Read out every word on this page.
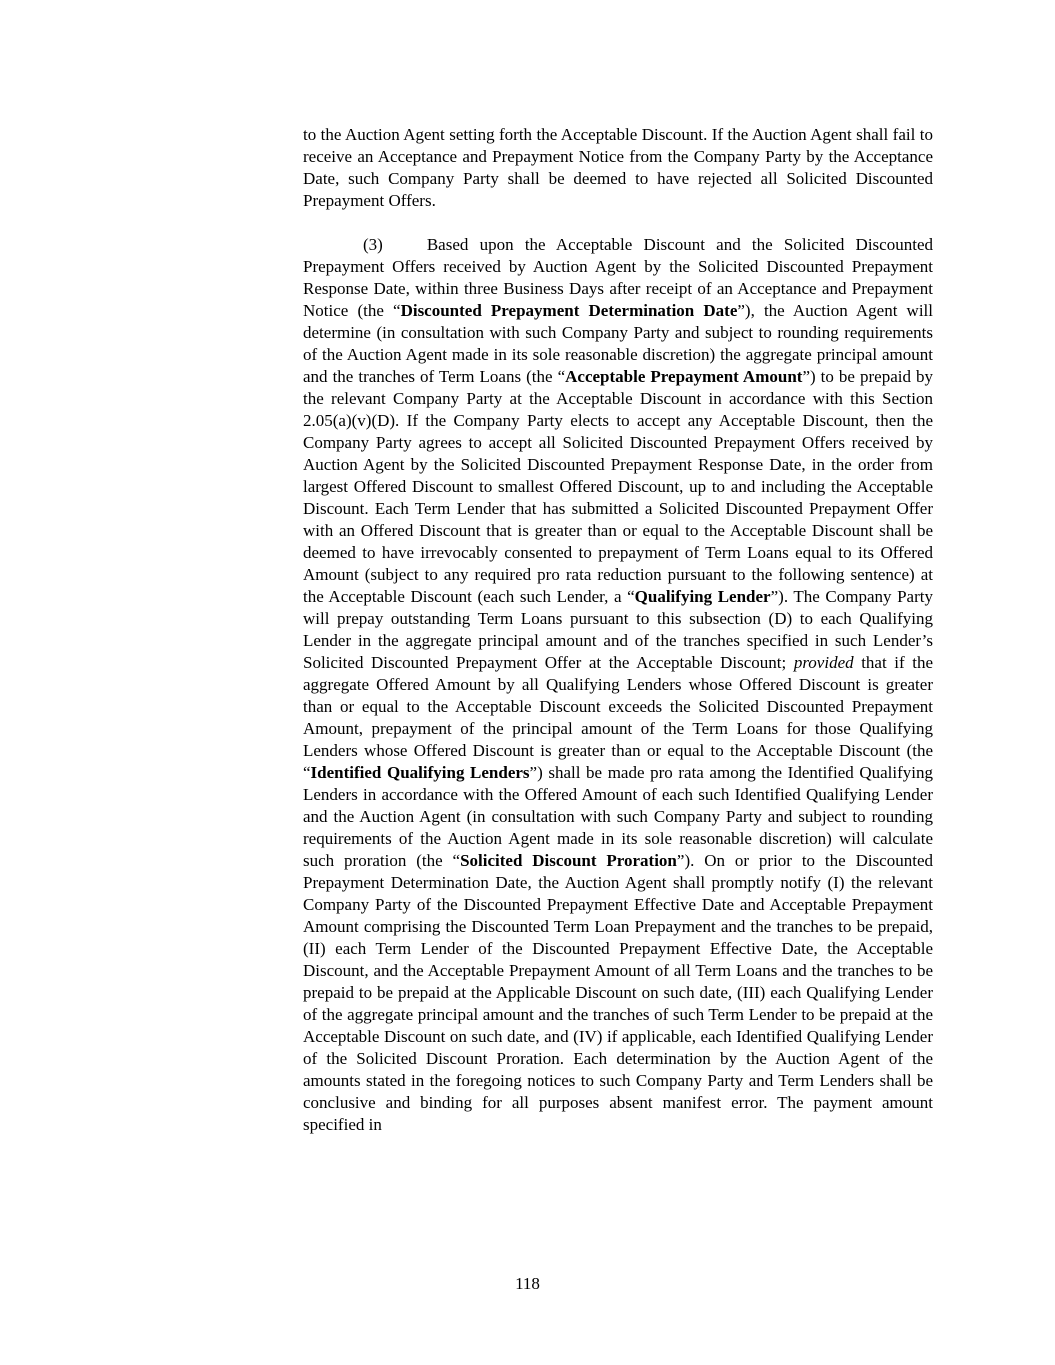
to the Auction Agent setting forth the Acceptable Discount. If the Auction Agent shall fail to receive an Acceptance and Prepayment Notice from the Company Party by the Acceptance Date, such Company Party shall be deemed to have rejected all Solicited Discounted Prepayment Offers.

(3)	Based upon the Acceptable Discount and the Solicited Discounted Prepayment Offers received by Auction Agent by the Solicited Discounted Prepayment Response Date, within three Business Days after receipt of an Acceptance and Prepayment Notice (the “Discounted Prepayment Determination Date”), the Auction Agent will determine (in consultation with such Company Party and subject to rounding requirements of the Auction Agent made in its sole reasonable discretion) the aggregate principal amount and the tranches of Term Loans (the “Acceptable Prepayment Amount”) to be prepaid by the relevant Company Party at the Acceptable Discount in accordance with this Section 2.05(a)(v)(D). If the Company Party elects to accept any Acceptable Discount, then the Company Party agrees to accept all Solicited Discounted Prepayment Offers received by Auction Agent by the Solicited Discounted Prepayment Response Date, in the order from largest Offered Discount to smallest Offered Discount, up to and including the Acceptable Discount. Each Term Lender that has submitted a Solicited Discounted Prepayment Offer with an Offered Discount that is greater than or equal to the Acceptable Discount shall be deemed to have irrevocably consented to prepayment of Term Loans equal to its Offered Amount (subject to any required pro rata reduction pursuant to the following sentence) at the Acceptable Discount (each such Lender, a “Qualifying Lender”). The Company Party will prepay outstanding Term Loans pursuant to this subsection (D) to each Qualifying Lender in the aggregate principal amount and of the tranches specified in such Lender’s Solicited Discounted Prepayment Offer at the Acceptable Discount; provided that if the aggregate Offered Amount by all Qualifying Lenders whose Offered Discount is greater than or equal to the Acceptable Discount exceeds the Solicited Discounted Prepayment Amount, prepayment of the principal amount of the Term Loans for those Qualifying Lenders whose Offered Discount is greater than or equal to the Acceptable Discount (the “Identified Qualifying Lenders”) shall be made pro rata among the Identified Qualifying Lenders in accordance with the Offered Amount of each such Identified Qualifying Lender and the Auction Agent (in consultation with such Company Party and subject to rounding requirements of the Auction Agent made in its sole reasonable discretion) will calculate such proration (the “Solicited Discount Proration”). On or prior to the Discounted Prepayment Determination Date, the Auction Agent shall promptly notify (I) the relevant Company Party of the Discounted Prepayment Effective Date and Acceptable Prepayment Amount comprising the Discounted Term Loan Prepayment and the tranches to be prepaid, (II) each Term Lender of the Discounted Prepayment Effective Date, the Acceptable Discount, and the Acceptable Prepayment Amount of all Term Loans and the tranches to be prepaid to be prepaid at the Applicable Discount on such date, (III) each Qualifying Lender of the aggregate principal amount and the tranches of such Term Lender to be prepaid at the Acceptable Discount on such date, and (IV) if applicable, each Identified Qualifying Lender of the Solicited Discount Proration. Each determination by the Auction Agent of the amounts stated in the foregoing notices to such Company Party and Term Lenders shall be conclusive and binding for all purposes absent manifest error. The payment amount specified in

118
